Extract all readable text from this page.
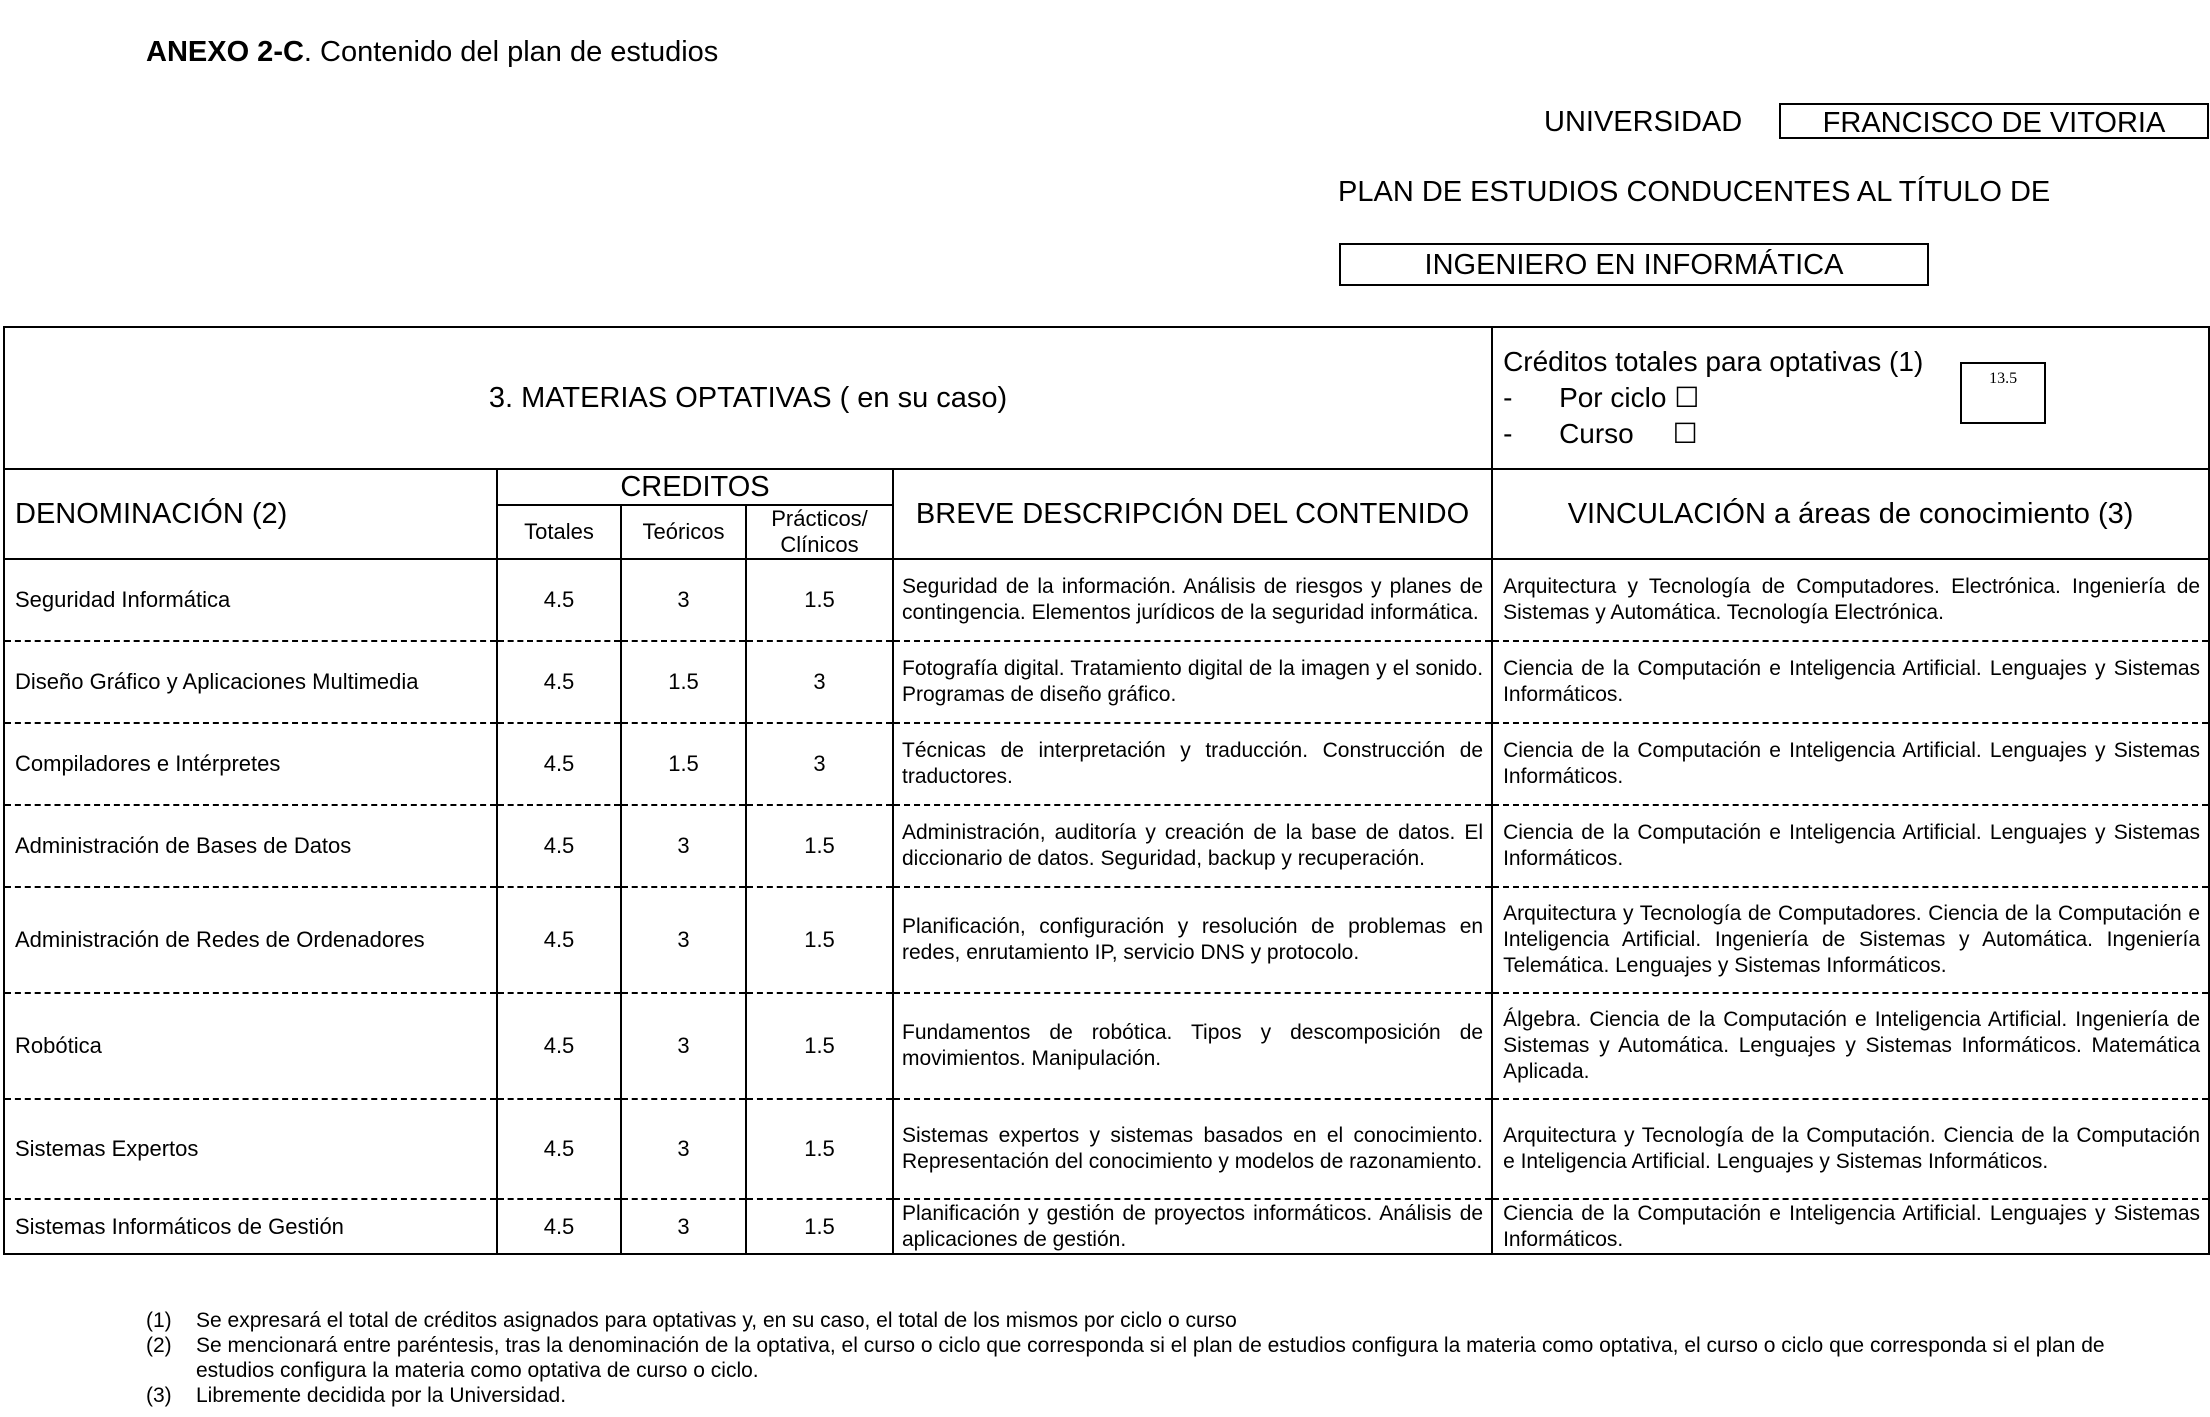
ANEXO 2-C. Contenido del plan de estudios
UNIVERSIDAD	FRANCISCO DE VITORIA
PLAN DE ESTUDIOS CONDUCENTES AL TÍTULO DE
INGENIERO EN INFORMÁTICA
3. MATERIAS OPTATIVAS ( en su caso)					Créditos totales para optativas (1)
-      Por ciclo ☐
-      Curso     ☐
13.5

DENOMINACIÓN (2)	CREDITOS			BREVE DESCRIPCIÓN DEL CONTENIDO	VINCULACIÓN a áreas de conocimiento (3)
	Totales	Teóricos	Prácticos/ Clínicos		
Seguridad Informática	4.5	3	1.5	Seguridad de la información. Análisis de riesgos y planes de contingencia. Elementos jurídicos de la seguridad informática.	Arquitectura y Tecnología de Computadores. Electrónica. Ingeniería de Sistemas y Automática. Tecnología Electrónica.
Diseño Gráfico y Aplicaciones Multimedia	4.5	1.5	3	Fotografía digital. Tratamiento digital de la imagen y el sonido. Programas de diseño gráfico.	Ciencia de la Computación e Inteligencia Artificial. Lenguajes y Sistemas Informáticos.
Compiladores e Intérpretes	4.5	1.5	3	Técnicas de interpretación y traducción. Construcción de traductores.	Ciencia de la Computación e Inteligencia Artificial. Lenguajes y Sistemas Informáticos.
Administración de Bases de Datos	4.5	3	1.5	Administración, auditoría y creación de la base de datos. El diccionario de datos. Seguridad, backup y recuperación.	Ciencia de la Computación e Inteligencia Artificial. Lenguajes y Sistemas Informáticos.
Administración de Redes de Ordenadores	4.5	3	1.5	Planificación, configuración y resolución de problemas en redes, enrutamiento IP, servicio DNS y protocolo.	Arquitectura y Tecnología de Computadores. Ciencia de la Computación e Inteligencia Artificial. Ingeniería de Sistemas y Automática. Ingeniería Telemática. Lenguajes y Sistemas Informáticos.
Robótica	4.5	3	1.5	Fundamentos de robótica. Tipos y descomposición de movimientos. Manipulación.	Álgebra. Ciencia de la Computación e Inteligencia Artificial. Ingeniería de Sistemas y Automática. Lenguajes y Sistemas Informáticos. Matemática Aplicada.
Sistemas Expertos	4.5	3	1.5	Sistemas expertos y sistemas basados en el conocimiento. Representación del conocimiento y modelos de razonamiento.	Arquitectura y Tecnología de la Computación. Ciencia de la Computación e Inteligencia Artificial. Lenguajes y Sistemas Informáticos.
Sistemas Informáticos de Gestión	4.5	3	1.5	Planificación y gestión de proyectos informáticos. Análisis de aplicaciones de gestión.	Ciencia de la Computación e Inteligencia Artificial. Lenguajes y Sistemas Informáticos.
(1)	Se expresará el total de créditos asignados para optativas y, en su caso, el total de los mismos por ciclo o curso
(2)	Se mencionará entre paréntesis, tras la denominación de la optativa, el curso o ciclo que corresponda si el plan de estudios configura la materia como optativa, el curso o ciclo que corresponda si el plan de estudios configura la materia como optativa de curso o ciclo.
(3)	Libremente decidida por la Universidad.
